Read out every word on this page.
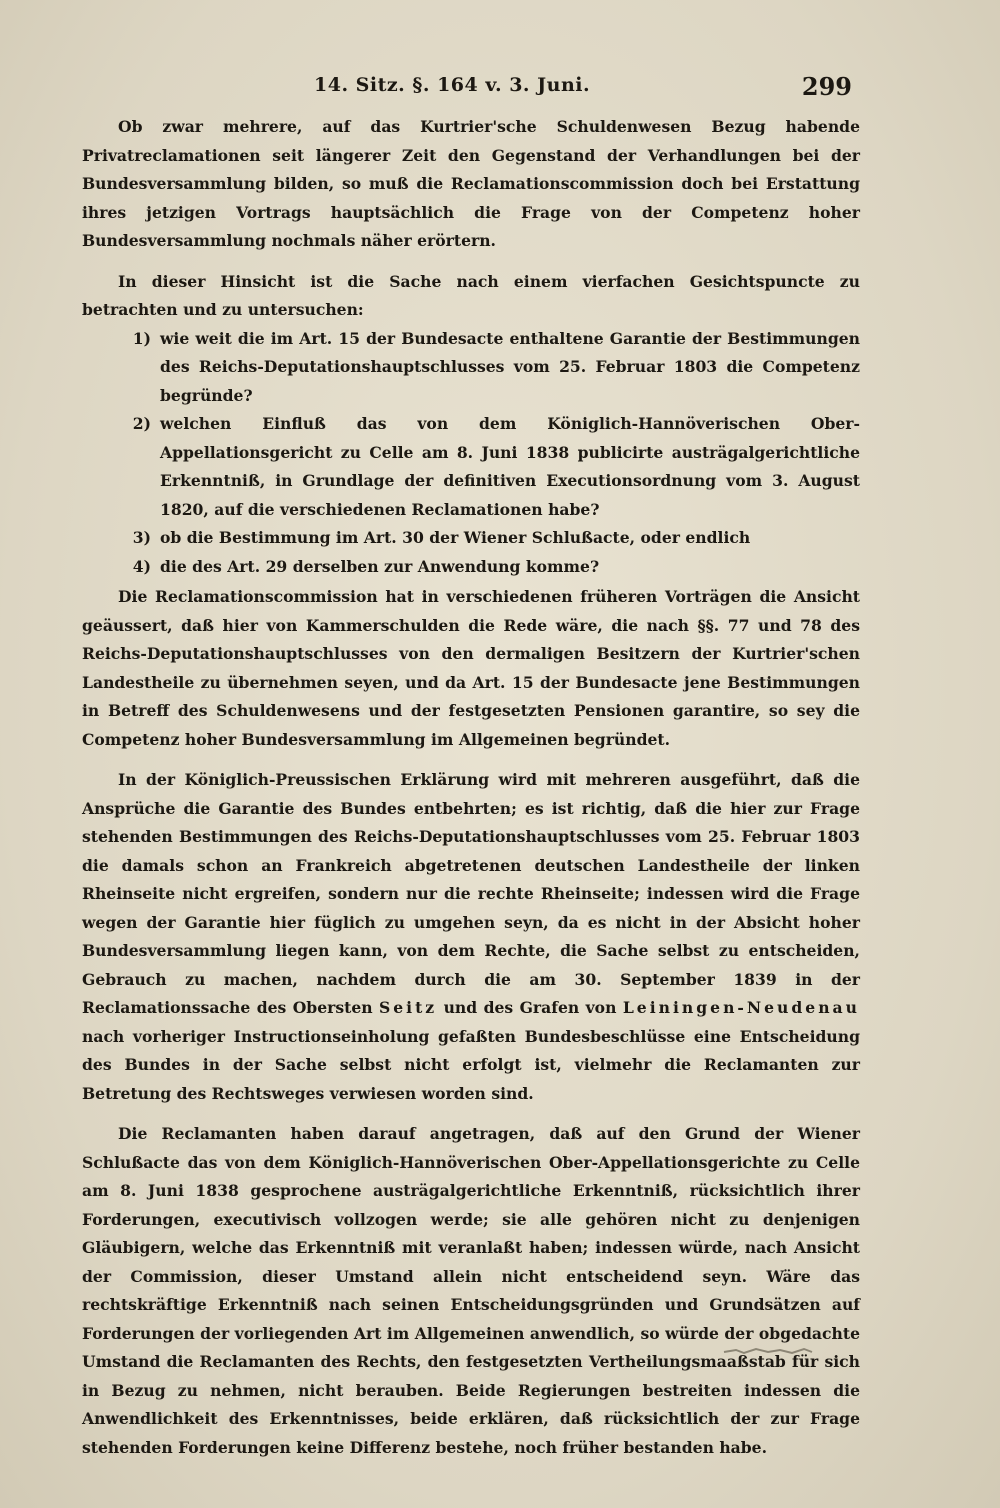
14. Sitz. §. 164 v. 3. Juni.	299

Ob zwar mehrere, auf das Kurtrier'sche Schuldenwesen Bezug habende Privatreclamationen seit längerer Zeit den Gegenstand der Verhandlungen bei der Bundesversammlung bilden, so muß die Reclamationscommission doch bei Erstattung ihres jetzigen Vortrags hauptsächlich die Frage von der Competenz hoher Bundesversammlung nochmals näher erörtern.

In dieser Hinsicht ist die Sache nach einem vierfachen Gesichtspuncte zu betrachten und zu untersuchen:

1) wie weit die im Art. 15 der Bundesacte enthaltene Garantie der Bestimmungen des Reichs-Deputationshauptschlusses vom 25. Februar 1803 die Competenz begründe?
2) welchen Einfluß das von dem Königlich-Hannöverischen Ober-Appellationsgericht zu Celle am 8. Juni 1838 publicirte austrägalgerichtliche Erkenntniß, in Grundlage der definitiven Executionsordnung vom 3. August 1820, auf die verschiedenen Reclamationen habe?
3) ob die Bestimmung im Art. 30 der Wiener Schlußacte, oder endlich
4) die des Art. 29 derselben zur Anwendung komme?

Die Reclamationscommission hat in verschiedenen früheren Vorträgen die Ansicht geäussert, daß hier von Kammerschulden die Rede wäre, die nach §§. 77 und 78 des Reichs-Deputationshauptschlusses von den dermaligen Besitzern der Kurtrier'schen Landestheile zu übernehmen seyen, und da Art. 15 der Bundesacte jene Bestimmungen in Betreff des Schuldenwesens und der festgesetzten Pensionen garantire, so sey die Competenz hoher Bundesversammlung im Allgemeinen begründet.

In der Königlich-Preussischen Erklärung wird mit mehreren ausgeführt, daß die Ansprüche die Garantie des Bundes entbehrten; es ist richtig, daß die hier zur Frage stehenden Bestimmungen des Reichs-Deputationshauptschlusses vom 25. Februar 1803 die damals schon an Frankreich abgetretenen deutschen Landestheile der linken Rheinseite nicht ergreifen, sondern nur die rechte Rheinseite; indessen wird die Frage wegen der Garantie hier füglich zu umgehen seyn, da es nicht in der Absicht hoher Bundesversammlung liegen kann, von dem Rechte, die Sache selbst zu entscheiden, Gebrauch zu machen, nachdem durch die am 30. September 1839 in der Reclamationssache des Obersten Seitz und des Grafen von Leiningen-Neudenau nach vorheriger Instructionseinholung gefaßten Bundesbeschlüsse eine Entscheidung des Bundes in der Sache selbst nicht erfolgt ist, vielmehr die Reclamanten zur Betretung des Rechtsweges verwiesen worden sind.

Die Reclamanten haben darauf angetragen, daß auf den Grund der Wiener Schlußacte das von dem Königlich-Hannöverischen Ober-Appellationsgerichte zu Celle am 8. Juni 1838 gesprochene austrägalgerichtliche Erkenntniß, rücksichtlich ihrer Forderungen, executivisch vollzogen werde; sie alle gehören nicht zu denjenigen Gläubigern, welche das Erkenntniß mit veranlaßt haben; indessen würde, nach Ansicht der Commission, dieser Umstand allein nicht entscheidend seyn. Wäre das rechtskräftige Erkenntniß nach seinen Entscheidungsgründen und Grundsätzen auf Forderungen der vorliegenden Art im Allgemeinen anwendlich, so würde der obgedachte Umstand die Reclamanten des Rechts, den festgesetzten Vertheilungsmaaßstab für sich in Bezug zu nehmen, nicht berauben. Beide Regierungen bestreiten indessen die Anwendlichkeit des Erkenntnisses, beide erklären, daß rücksichtlich der zur Frage stehenden Forderungen keine Differenz bestehe, noch früher bestanden habe.
